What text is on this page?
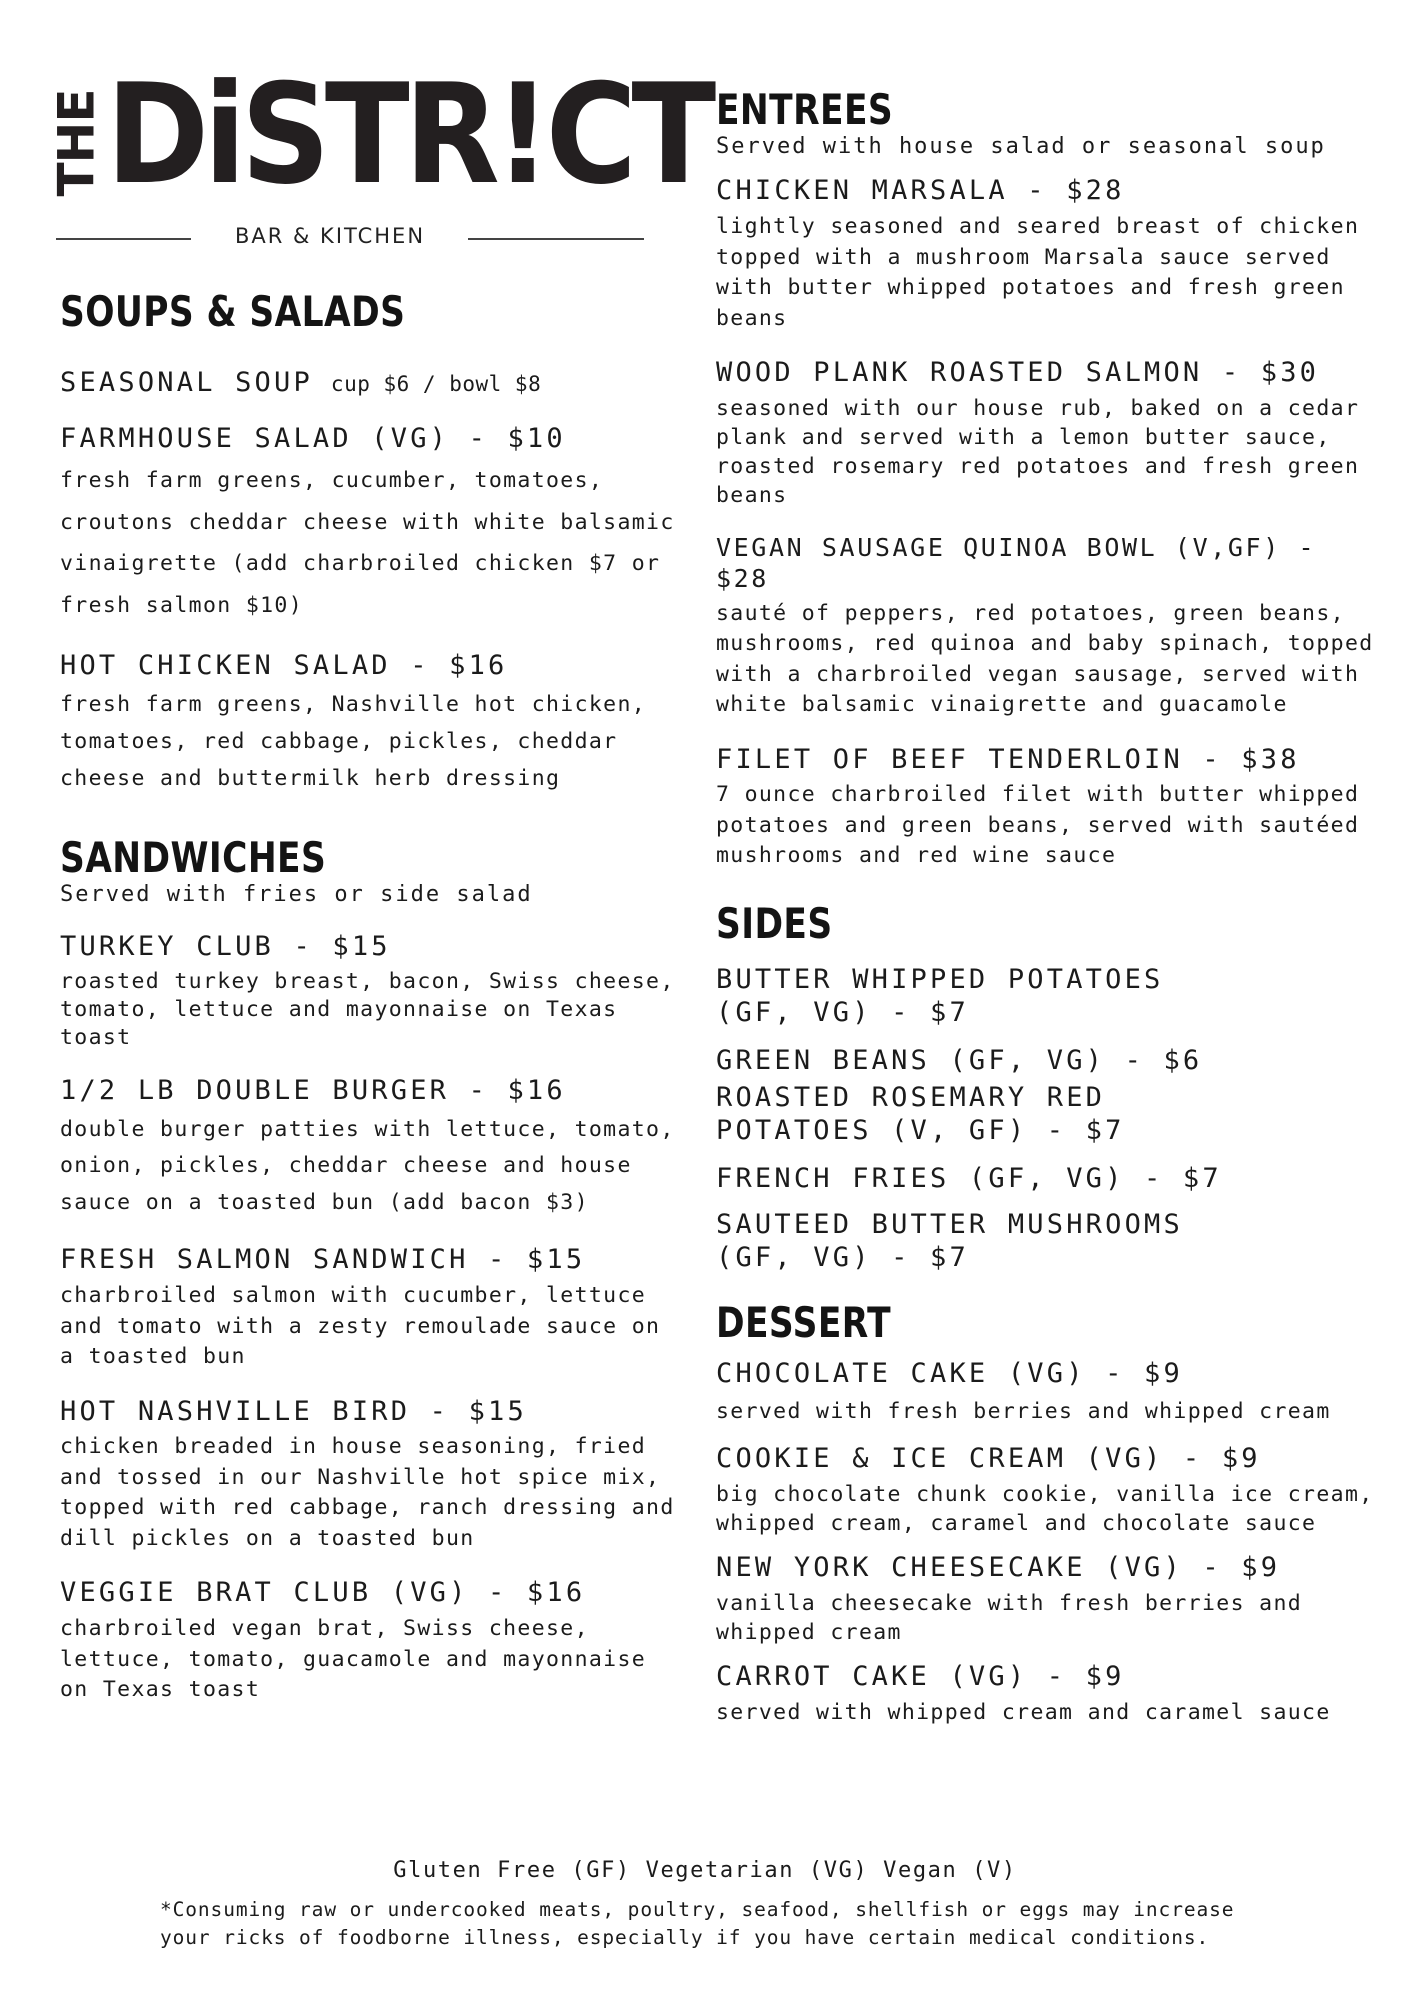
THE DiSTR!CT
BAR & KITCHEN
SOUPS & SALADS
SEASONAL SOUP cup $6 / bowl $8
FARMHOUSE SALAD (VG) - $10
fresh farm greens, cucumber, tomatoes, croutons cheddar cheese with white balsamic vinaigrette (add charbroiled chicken $7 or fresh salmon $10)
HOT CHICKEN SALAD - $16
fresh farm greens, Nashville hot chicken, tomatoes, red cabbage, pickles, cheddar cheese and buttermilk herb dressing
SANDWICHES
Served with fries or side salad
TURKEY CLUB - $15
roasted turkey breast, bacon, Swiss cheese, tomato, lettuce and mayonnaise on Texas toast
1/2 LB DOUBLE BURGER - $16
double burger patties with lettuce, tomato, onion, pickles, cheddar cheese and house sauce on a toasted bun (add bacon $3)
FRESH SALMON SANDWICH - $15
charbroiled salmon with cucumber, lettuce and tomato with a zesty remoulade sauce on a toasted bun
HOT NASHVILLE BIRD - $15
chicken breaded in house seasoning, fried and tossed in our Nashville hot spice mix, topped with red cabbage, ranch dressing and dill pickles on a toasted bun
VEGGIE BRAT CLUB (VG) - $16
charbroiled vegan brat, Swiss cheese, lettuce, tomato, guacamole and mayonnaise on Texas toast
ENTREES
Served with house salad or seasonal soup
CHICKEN MARSALA - $28
lightly seasoned and seared breast of chicken topped with a mushroom Marsala sauce served with butter whipped potatoes and fresh green beans
WOOD PLANK ROASTED SALMON - $30
seasoned with our house rub, baked on a cedar plank and served with a lemon butter sauce, roasted rosemary red potatoes and fresh green beans
VEGAN SAUSAGE QUINOA BOWL (V,GF) - $28
sauté of peppers, red potatoes, green beans, mushrooms, red quinoa and baby spinach, topped with a charbroiled vegan sausage, served with white balsamic vinaigrette and guacamole
FILET OF BEEF TENDERLOIN - $38
7 ounce charbroiled filet with butter whipped potatoes and green beans, served with sautéed mushrooms and red wine sauce
SIDES
BUTTER WHIPPED POTATOES
(GF, VG) - $7
GREEN BEANS (GF, VG) - $6
ROASTED ROSEMARY RED
POTATOES (V, GF) - $7
FRENCH FRIES (GF, VG) - $7
SAUTEED BUTTER MUSHROOMS
(GF, VG) - $7
DESSERT
CHOCOLATE CAKE (VG) - $9
served with fresh berries and whipped cream
COOKIE & ICE CREAM (VG) - $9
big chocolate chunk cookie, vanilla ice cream, whipped cream, caramel and chocolate sauce
NEW YORK CHEESECAKE (VG) - $9
vanilla cheesecake with fresh berries and whipped cream
CARROT CAKE (VG) - $9
served with whipped cream and caramel sauce
Gluten Free (GF) Vegetarian (VG) Vegan (V)
*Consuming raw or undercooked meats, poultry, seafood, shellfish or eggs may increase your ricks of foodborne illness, especially if you have certain medical conditions.
